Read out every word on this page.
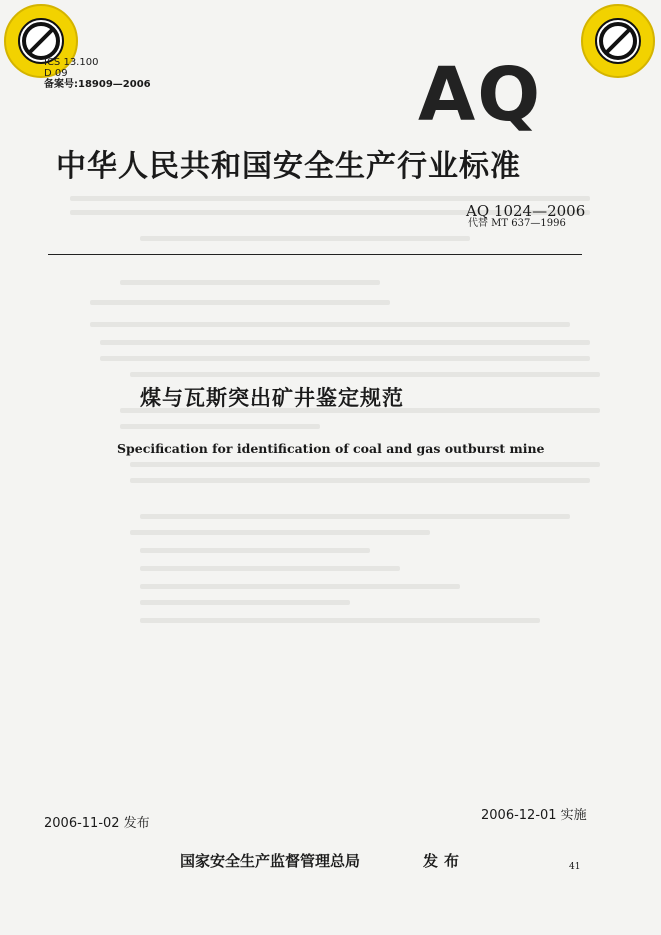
ICS 13.100
D 09
备案号:18909—2006	AQ
中华人民共和国安全生产行业标准
AQ 1024—2006
代替 MT 637—1996
煤与瓦斯突出矿井鉴定规范
Specification for identification of coal and gas outburst mine
2006-11-02 发布
2006-12-01 实施
国家安全生产监督管理总局	发布	41
